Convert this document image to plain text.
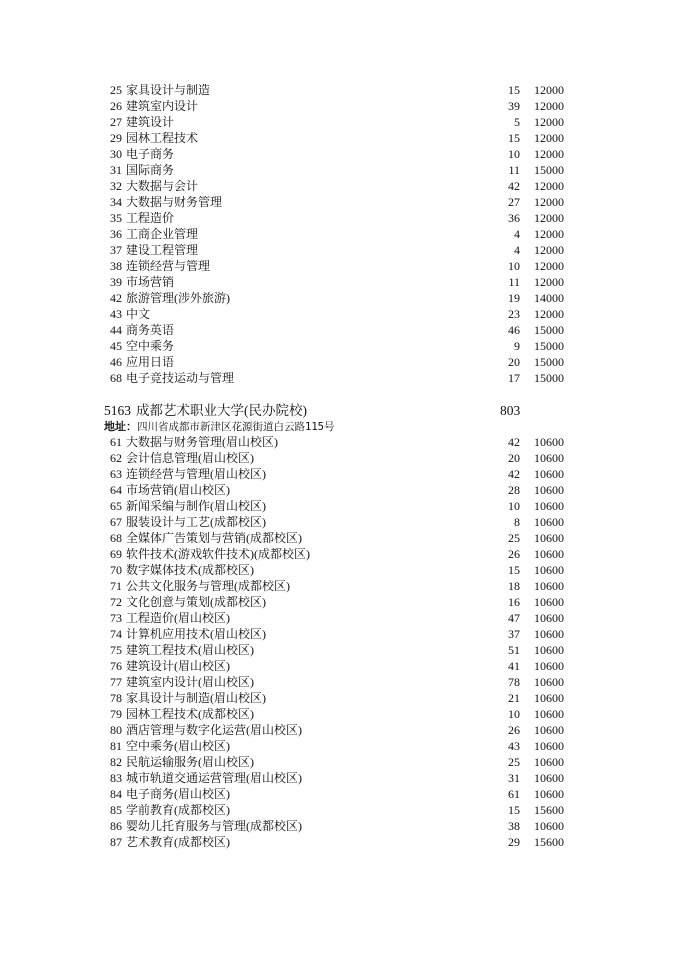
25 家具设计与制造	15 12000
26 建筑室内设计	39 12000
27 建筑设计	5 12000
29 园林工程技术	15 12000
30 电子商务	10 12000
31 国际商务	11 15000
32 大数据与会计	42 12000
34 大数据与财务管理	27 12000
35 工程造价	36 12000
36 工商企业管理	4 12000
37 建设工程管理	4 12000
38 连锁经营与管理	10 12000
39 市场营销	11 12000
42 旅游管理(涉外旅游)	19 14000
43 中文	23 12000
44 商务英语	46 15000
45 空中乘务	9 15000
46 应用日语	20 15000
68 电子竞技运动与管理	17 15000
5163 成都艺术职业大学(民办院校)	803
地址：四川省成都市新津区花源街道白云路115号
61 大数据与财务管理(眉山校区)	42 10600
62 会计信息管理(眉山校区)	20 10600
63 连锁经营与管理(眉山校区)	42 10600
64 市场营销(眉山校区)	28 10600
65 新闻采编与制作(眉山校区)	10 10600
67 服装设计与工艺(成都校区)	8 10600
68 全媒体广告策划与营销(成都校区)	25 10600
69 软件技术(游戏软件技术)(成都校区)	26 10600
70 数字媒体技术(成都校区)	15 10600
71 公共文化服务与管理(成都校区)	18 10600
72 文化创意与策划(成都校区)	16 10600
73 工程造价(眉山校区)	47 10600
74 计算机应用技术(眉山校区)	37 10600
75 建筑工程技术(眉山校区)	51 10600
76 建筑设计(眉山校区)	41 10600
77 建筑室内设计(眉山校区)	78 10600
78 家具设计与制造(眉山校区)	21 10600
79 园林工程技术(成都校区)	10 10600
80 酒店管理与数字化运营(眉山校区)	26 10600
81 空中乘务(眉山校区)	43 10600
82 民航运输服务(眉山校区)	25 10600
83 城市轨道交通运营管理(眉山校区)	31 10600
84 电子商务(眉山校区)	61 10600
85 学前教育(成都校区)	15 15600
86 婴幼儿托育服务与管理(成都校区)	38 10600
87 艺术教育(成都校区)	29 15600
